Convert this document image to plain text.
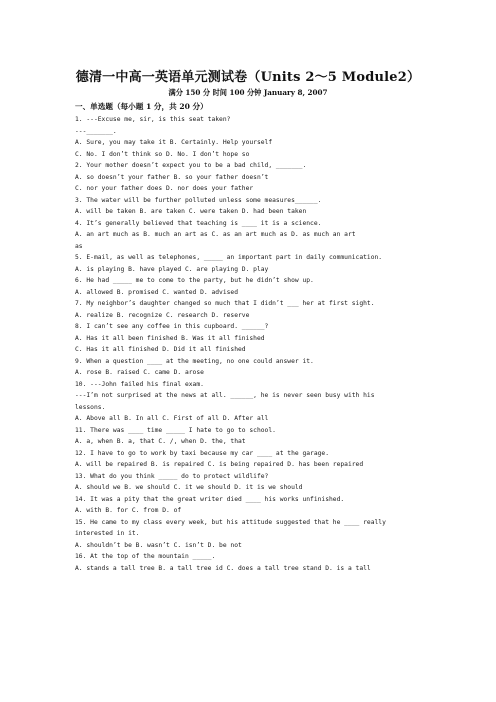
德清一中高一英语单元测试卷（Units 2～5 Module2）
满分 150 分 时间 100 分钟 January 8, 2007
一、单选题（每小题 1 分，共 20 分）
1. ---Excuse me, sir, is this seat taken?
---_______.
A. Sure, you may take it B. Certainly. Help yourself
C. No. I don’t think so D. No. I don’t hope so
2. Your mother doesn’t expect you to be a bad child, _______.
A. so doesn’t your father B. so your father doesn’t
C. nor your father does D. nor does your father
3. The water will be further polluted unless some measures______.
A. will be taken B. are taken C. were taken D. had been taken
4. It’s generally believed that teaching is ____ it is a science.
A. an art much as B. much an art as C. as an art much as D. as much an art
as
5. E-mail, as well as telephones, _____ an important part in daily communication.
A. is playing B. have played C. are playing D. play
6. He had _____ me to come to the party, but he didn’t show up.
A. allowed B. promised C. wanted D. advised
7. My neighbor’s daughter changed so much that I didn’t ___ her at first sight.
A. realize B. recognize C. research D. reserve
8. I can’t see any coffee in this cupboard. ______?
A. Has it all been finished B. Was it all finished
C. Has it all finished D. Did it all finished
9. When a question ____ at the meeting, no one could answer it.
A. rose B. raised C. came D. arose
10. ---John failed his final exam.
---I’m not surprised at the news at all. ______, he is never seen busy with his
lessons.
A. Above all B. In all C. First of all D. After all
11. There was ____ time _____ I hate to go to school.
A. a, when B. a, that C. /, when D. the, that
12. I have to go to work by taxi because my car ____ at the garage.
A. will be repaired B. is repaired C. is being repaired D. has been repaired
13. What do you think _____ do to protect wildlife?
A. should we B. we should C. it we should D. it is we should
14. It was a pity that the great writer died ____ his works unfinished.
A. with B. for C. from D. of
15. He came to my class every week, but his attitude suggested that he ____ really
interested in it.
A. shouldn’t be B. wasn’t C. isn’t D. be not
16. At the top of the mountain _____.
A. stands a tall tree B. a tall tree id C. does a tall tree stand D. is a tall
